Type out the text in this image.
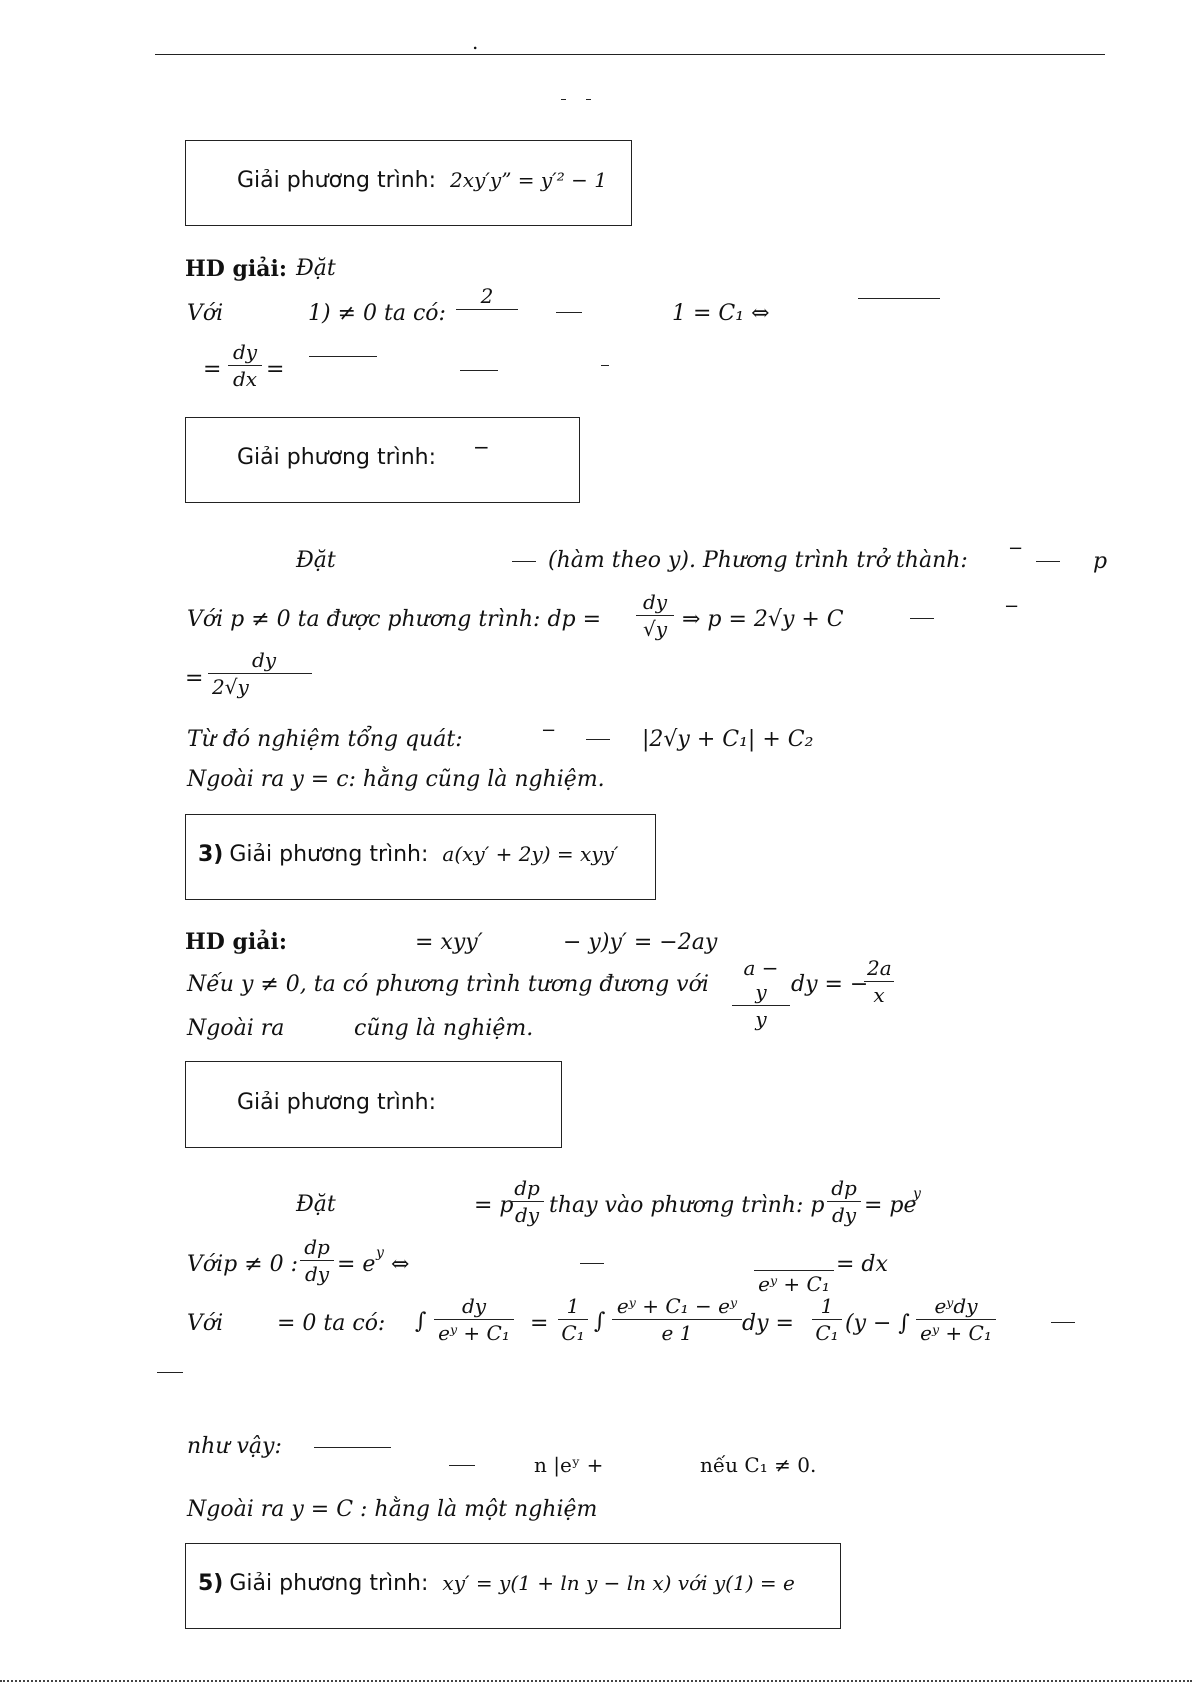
.
Giải phương trình: 2xy′y” = y′² − 1
HD giải: Đặt
Với	1) ≠ 0 ta có:
2

1 = C₁ ⇔
= $\frac{dy}{dx}$ =
Giải phương trình: −
Đặt	(hàm theo y). Phương trình trở thành: −
p
Với p ≠ 0 ta được phương trình: dp = $\frac{dy}{√y}$ ⇒ p = 2√y + C
−
= $\frac{dy}{2√y}$
Từ đó nghiệm tổng quát:	−	|2√y + C₁| + C₂
Ngoài ra y = c: hằng cũng là nghiệm.
3) Giải phương trình: a(xy′ + 2y) = xyy′
HD giải:	= xyy′	− y)y′ = −2ay
Nếu y ≠ 0, ta có phương trình tương đương với $\frac{a - y}{y}$ dy = −
$\frac{2a}{x}$
Ngoài ra	cũng là nghiệm.
Giải phương trình:
Đặt	= p
$\frac{dp}{dy}$ thay vào phương trình: p $\frac{dp}{dy}$ = pe
y
Vớip ≠ 0 : $\frac{dp}{dy} = e$ y ⇔

eʸ + C₁
= dx
Với = 0 ta có: ∫ $\frac{dy}{\text{eʸ + C₁}} = \frac{1}{\text{C₁}}$ ∫ $\frac{\text{eʸ + C₁ − eʸ}}{e 1}$ dy = $\frac{1}{\text{C₁}} (y$ − ∫
eʸdy
eʸ + C₁
như vậy:
n |eʸ +	nếu C₁ ≠ 0.
Ngoài ra y = C : hằng là một nghiệm
5) Giải phương trình: xy′ = y(1 + ln y − ln x) với y(1) = e
